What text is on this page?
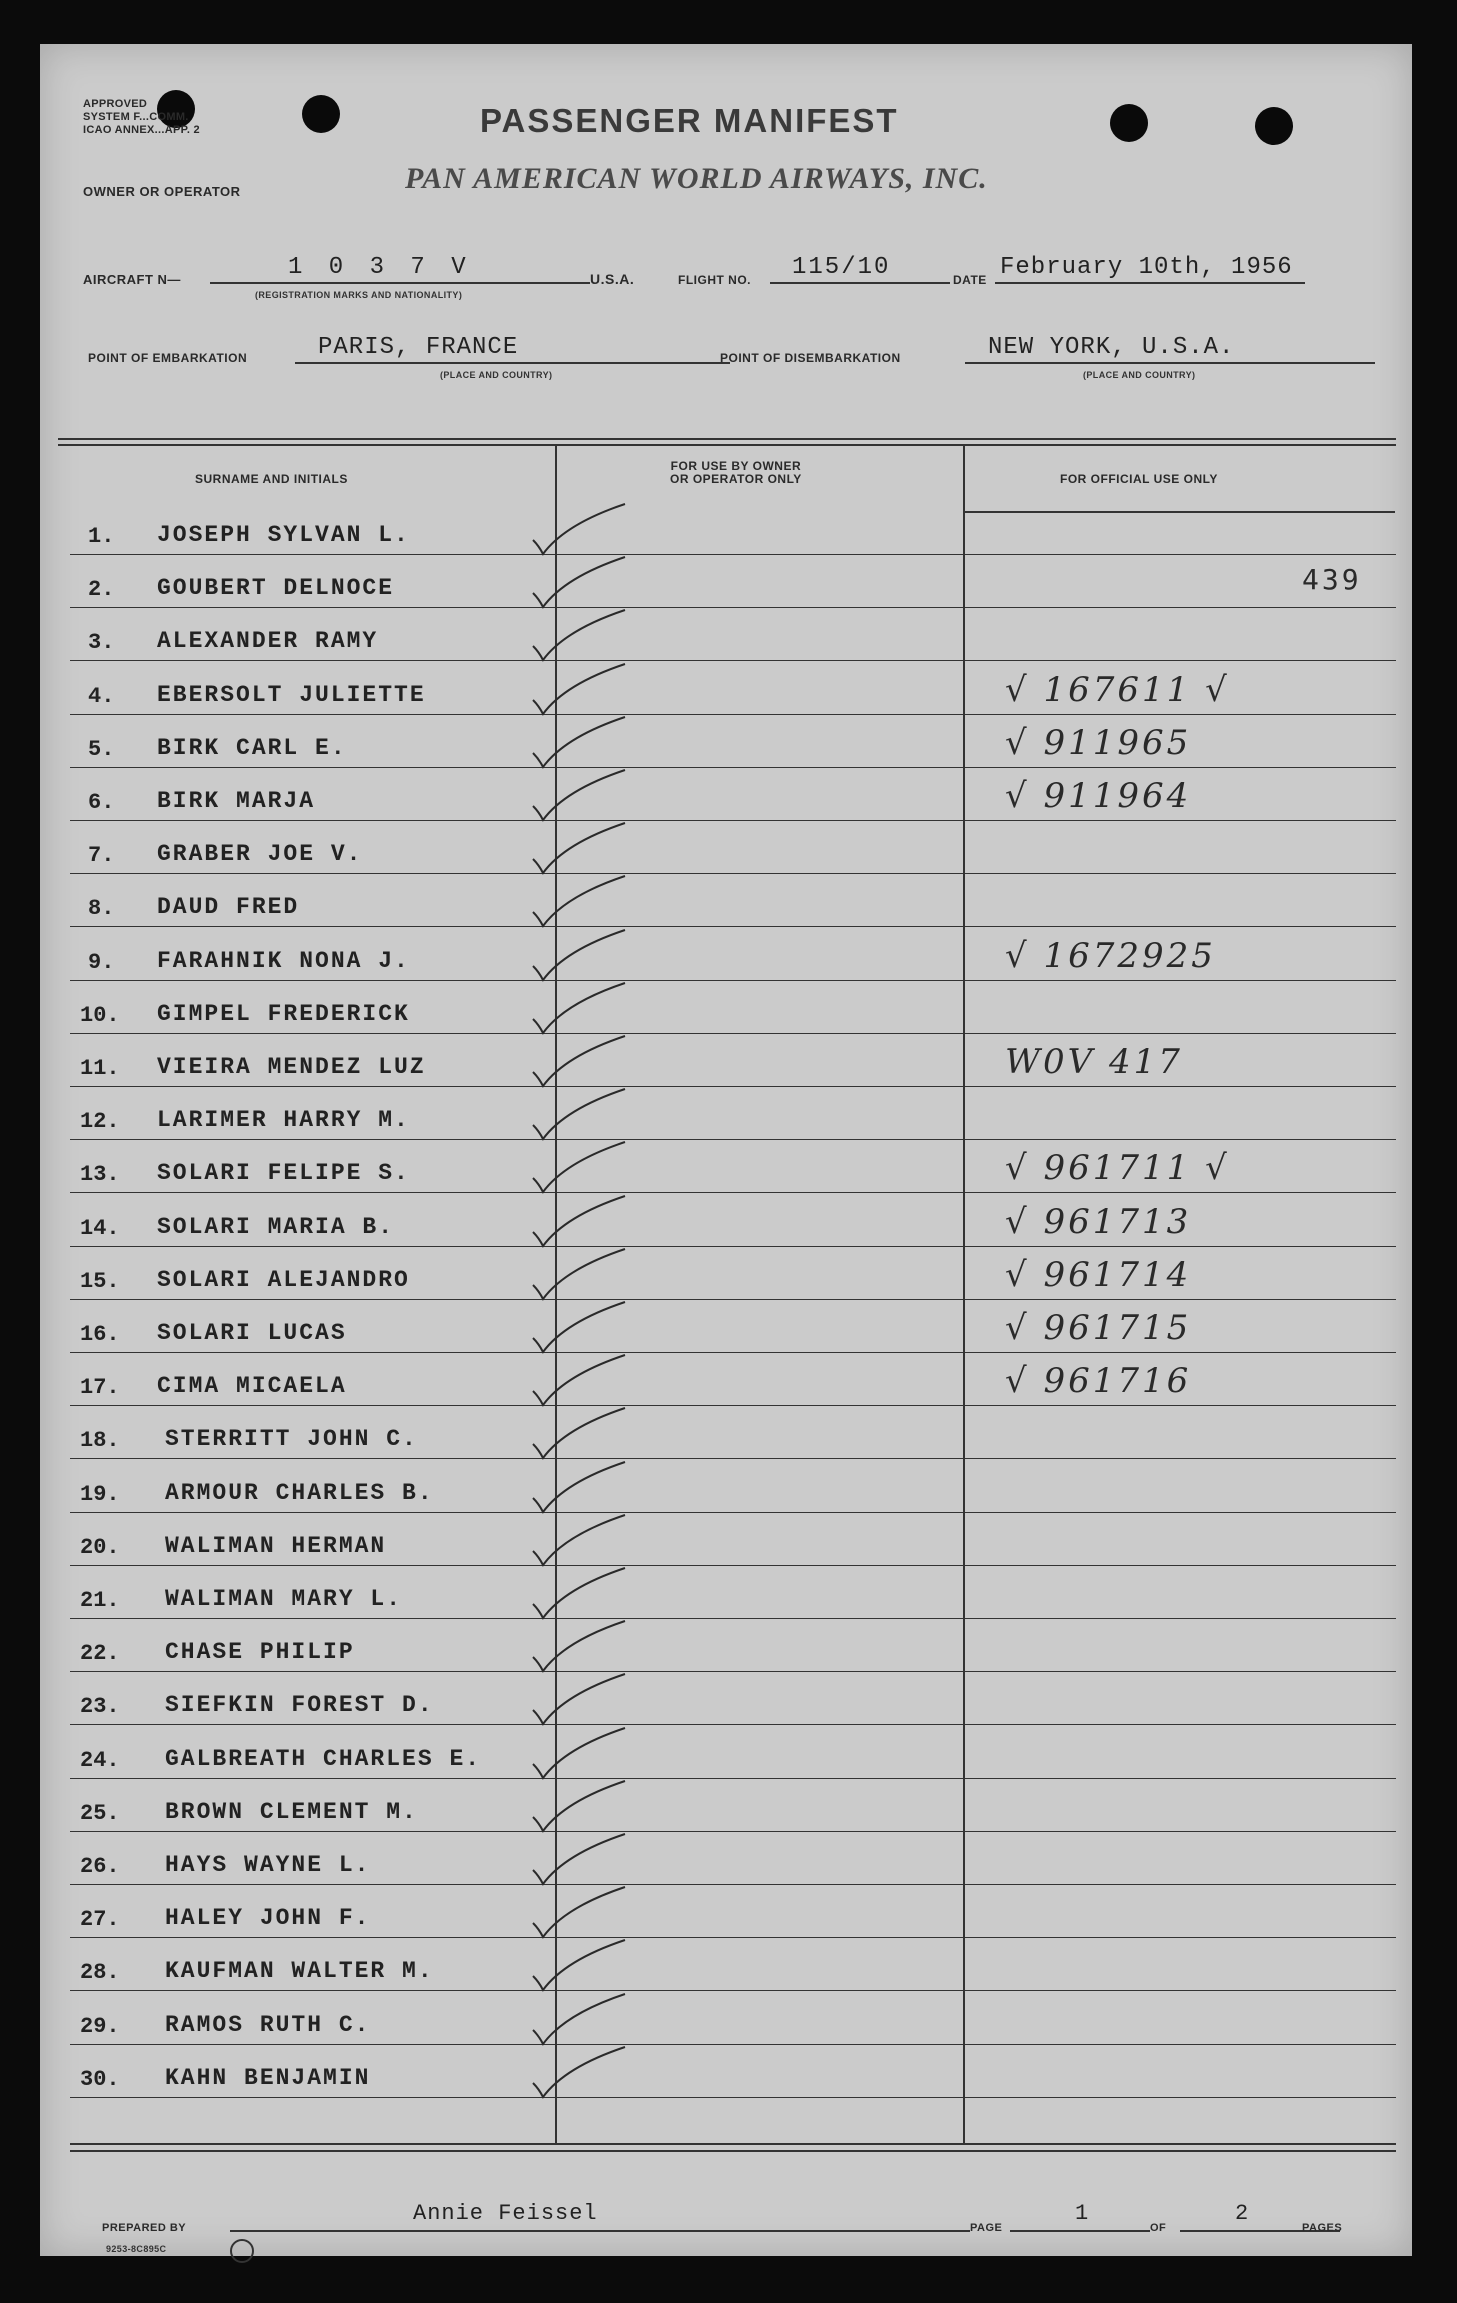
APPROVED
SYSTEM F...COMM.
ICAO ANNEX...APP. 2	PASSENGER MANIFEST
OWNER OR OPERATOR	PAN AMERICAN WORLD AIRWAYS, INC.
AIRCRAFT N—	1 0 3 7 V
(REGISTRATION MARKS AND NATIONALITY)
U.S.A.	FLIGHT NO. 115/10	DATE February 10th, 1956
POINT OF EMBARKATION	PARIS, FRANCE
(PLACE AND COUNTRY)
POINT OF DISEMBARKATION	NEW YORK, U.S.A.
(PLACE AND COUNTRY)
SURNAME AND INITIALS
FOR USE BY OWNER
OR OPERATOR ONLY	FOR OFFICIAL USE ONLY
1. JOSEPH SYLVAN L.
2. GOUBERT DELNOCE	439
3. ALEXANDER RAMY
4. EBERSOLT JULIETTE	√ 167611 √
5. BIRK CARL E.	√ 911965
6. BIRK MARJA	√ 911964
7. GRABER JOE V.
8. DAUD FRED
9. FARAHNIK NONA J.	√ 1672925
10. GIMPEL FREDERICK
11. VIEIRA MENDEZ LUZ	W0V 417
12. LARIMER HARRY M.
13. SOLARI FELIPE S.	√ 961711 √
14. SOLARI MARIA B.	√ 961713
15. SOLARI ALEJANDRO	√ 961714
16. SOLARI LUCAS	√ 961715
17. CIMA MICAELA	√ 961716
18. STERRITT JOHN C.
19. ARMOUR CHARLES B.
20. WALIMAN HERMAN
21. WALIMAN MARY L.
22. CHASE PHILIP
23. SIEFKIN FOREST D.
24. GALBREATH CHARLES E.
25. BROWN CLEMENT M.
26. HAYS WAYNE L.
27. HALEY JOHN F.
28. KAUFMAN WALTER M.
29. RAMOS RUTH C.
30. KAHN BENJAMIN
PREPARED BY
Annie Feissel
PAGE
1
OF
2
PAGES
9253-8C895C
